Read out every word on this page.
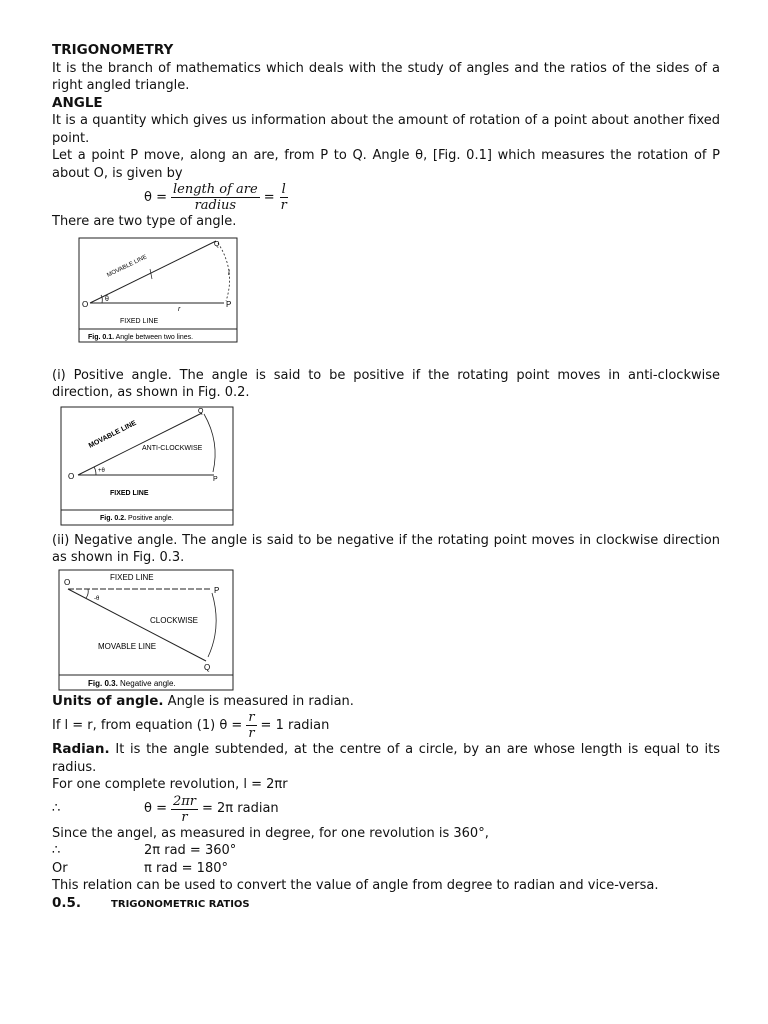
TRIGONOMETRY
It is the branch of mathematics which deals with the study of angles and the ratios of the sides of a right angled triangle.
ANGLE
It is a quantity which gives us information about the amount of rotation of a point about another fixed point.
Let a point P move, along an are, from P to Q. Angle θ, [Fig. 0.1] which measures the rotation of P about O, is given by
$\theta = \frac{\text{length of are}}{\text{radius}} = \frac{l}{r}$
There are two type of angle.
O	P
Q
θ
l
r
MOVABLE LINE
FIXED LINE
Fig. 0.1. Angle between two lines.
(i) Positive angle. The angle is said to be positive if the rotating point moves in anti-clockwise direction, as shown in Fig. 0.2.
O	P
Q
+θ
MOVABLE LINE ANTI-CLOCKWISE
FIXED LINE
Fig. 0.2. Positive angle.
(ii) Negative angle. The angle is said to be negative if the rotating point moves in clockwise direction as shown in Fig. 0.3.
O
P
Q
-θ
FIXED LINE
CLOCKWISE
MOVABLE LINE
Fig. 0.3. Negative angle.
Units of angle. Angle is measured in radian.
If l = r, from equation (1) $\theta = \frac{r}{r} = 1$ radian
Radian. It is the angle subtended, at the centre of a circle, by an are whose length is equal to its radius.
For one complete revolution, l = 2πr
∴	$\theta = \frac{2\pi r}{r} = 2\pi$ radian
Since the angel, as measured in degree, for one revolution is 360°,
∴	2π rad = 360°
Or	π rad = 180°
This relation can be used to convert the value of angle from degree to radian and vice-versa.
0.5.	TRIGONOMETRIC RATIOS
